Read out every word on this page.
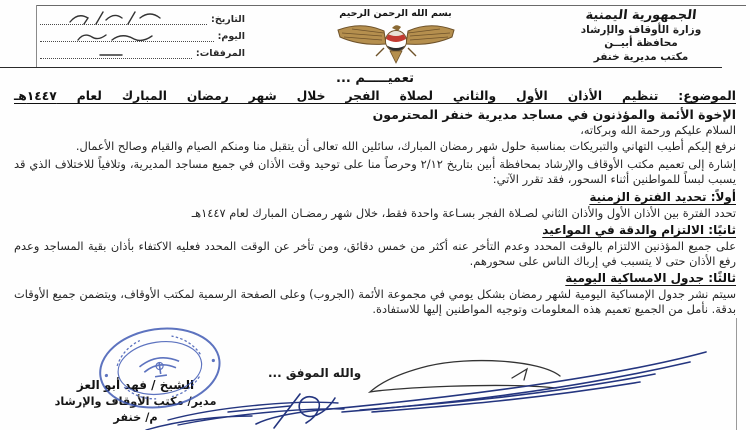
الجمهورية اليمنية
وزارة الأوقاف والإرشاد
محافظة أبيــن
مكتب مديرية خنفر
بسم الله الرحمن الرحيم
التاريخ:
اليوم:
المرفقات:
تعميـــــم ...
الموضوع: تنظيم الأذان الأول والثاني لصلاة الفجر خلال شهر رمضان المبارك لعام ١٤٤٧هـ
الإخوة الأئمة والمؤذنون في مساجد مديرية خنفر المحترمون
السلام عليكم ورحمة الله وبركاته،

نرفع إليكم أطيب التهاني والتبريكات بمناسبة حلول شهر رمضان المبارك، سائلين الله تعالى أن يتقبل منا ومنكم الصيام والقيام وصالح الأعمال.

إشارة إلى تعميم مكتب الأوقاف والإرشاد بمحافظة أبين بتاريخ ٢/١٢ وحرصاً منا على توحيد وقت الأذان في جميع مساجد المديرية، وتلافياً للاختلاف الذي قد يسبب لبساً للمواطنين أثناء السحور، فقد تقرر الآتي:

أولاً: تحديد الفترة الزمنية

تحدد الفترة بين الأذان الأول والأذان الثاني لصـلاة الفجر بسـاعة واحدة فقط، خلال شهر رمضـان المبارك لعام ١٤٤٧هـ

ثانيًا: الالتزام والدقة في المواعيد

على جميع المؤذنين الالتزام بالوقت المحدد وعدم التأخر عنه أكثر من خمس دقائق، ومن تأخر عن الوقت المحدد فعليه الاكتفاء بأذان بقية المساجد وعدم رفع الأذان حتى لا يتسبب في إرباك الناس على سحورهم.

ثالثًا: جدول الامساكية اليومية

سيتم نشر جدول الإمساكية اليومية لشهر رمضان بشكل يومي في مجموعة الأئمة (الجروب) وعلى الصفحة الرسمية لمكتب الأوقاف، ويتضمن جميع الأوقات بدقة. نأمل من الجميع تعميم هذه المعلومات وتوجيه المواطنين إليها للاستفادة.

والله الموفق ...
الشيخ / فهد أبو العز
مدير/ مكتب الأوقاف والإرشاد
م/ خنفر
